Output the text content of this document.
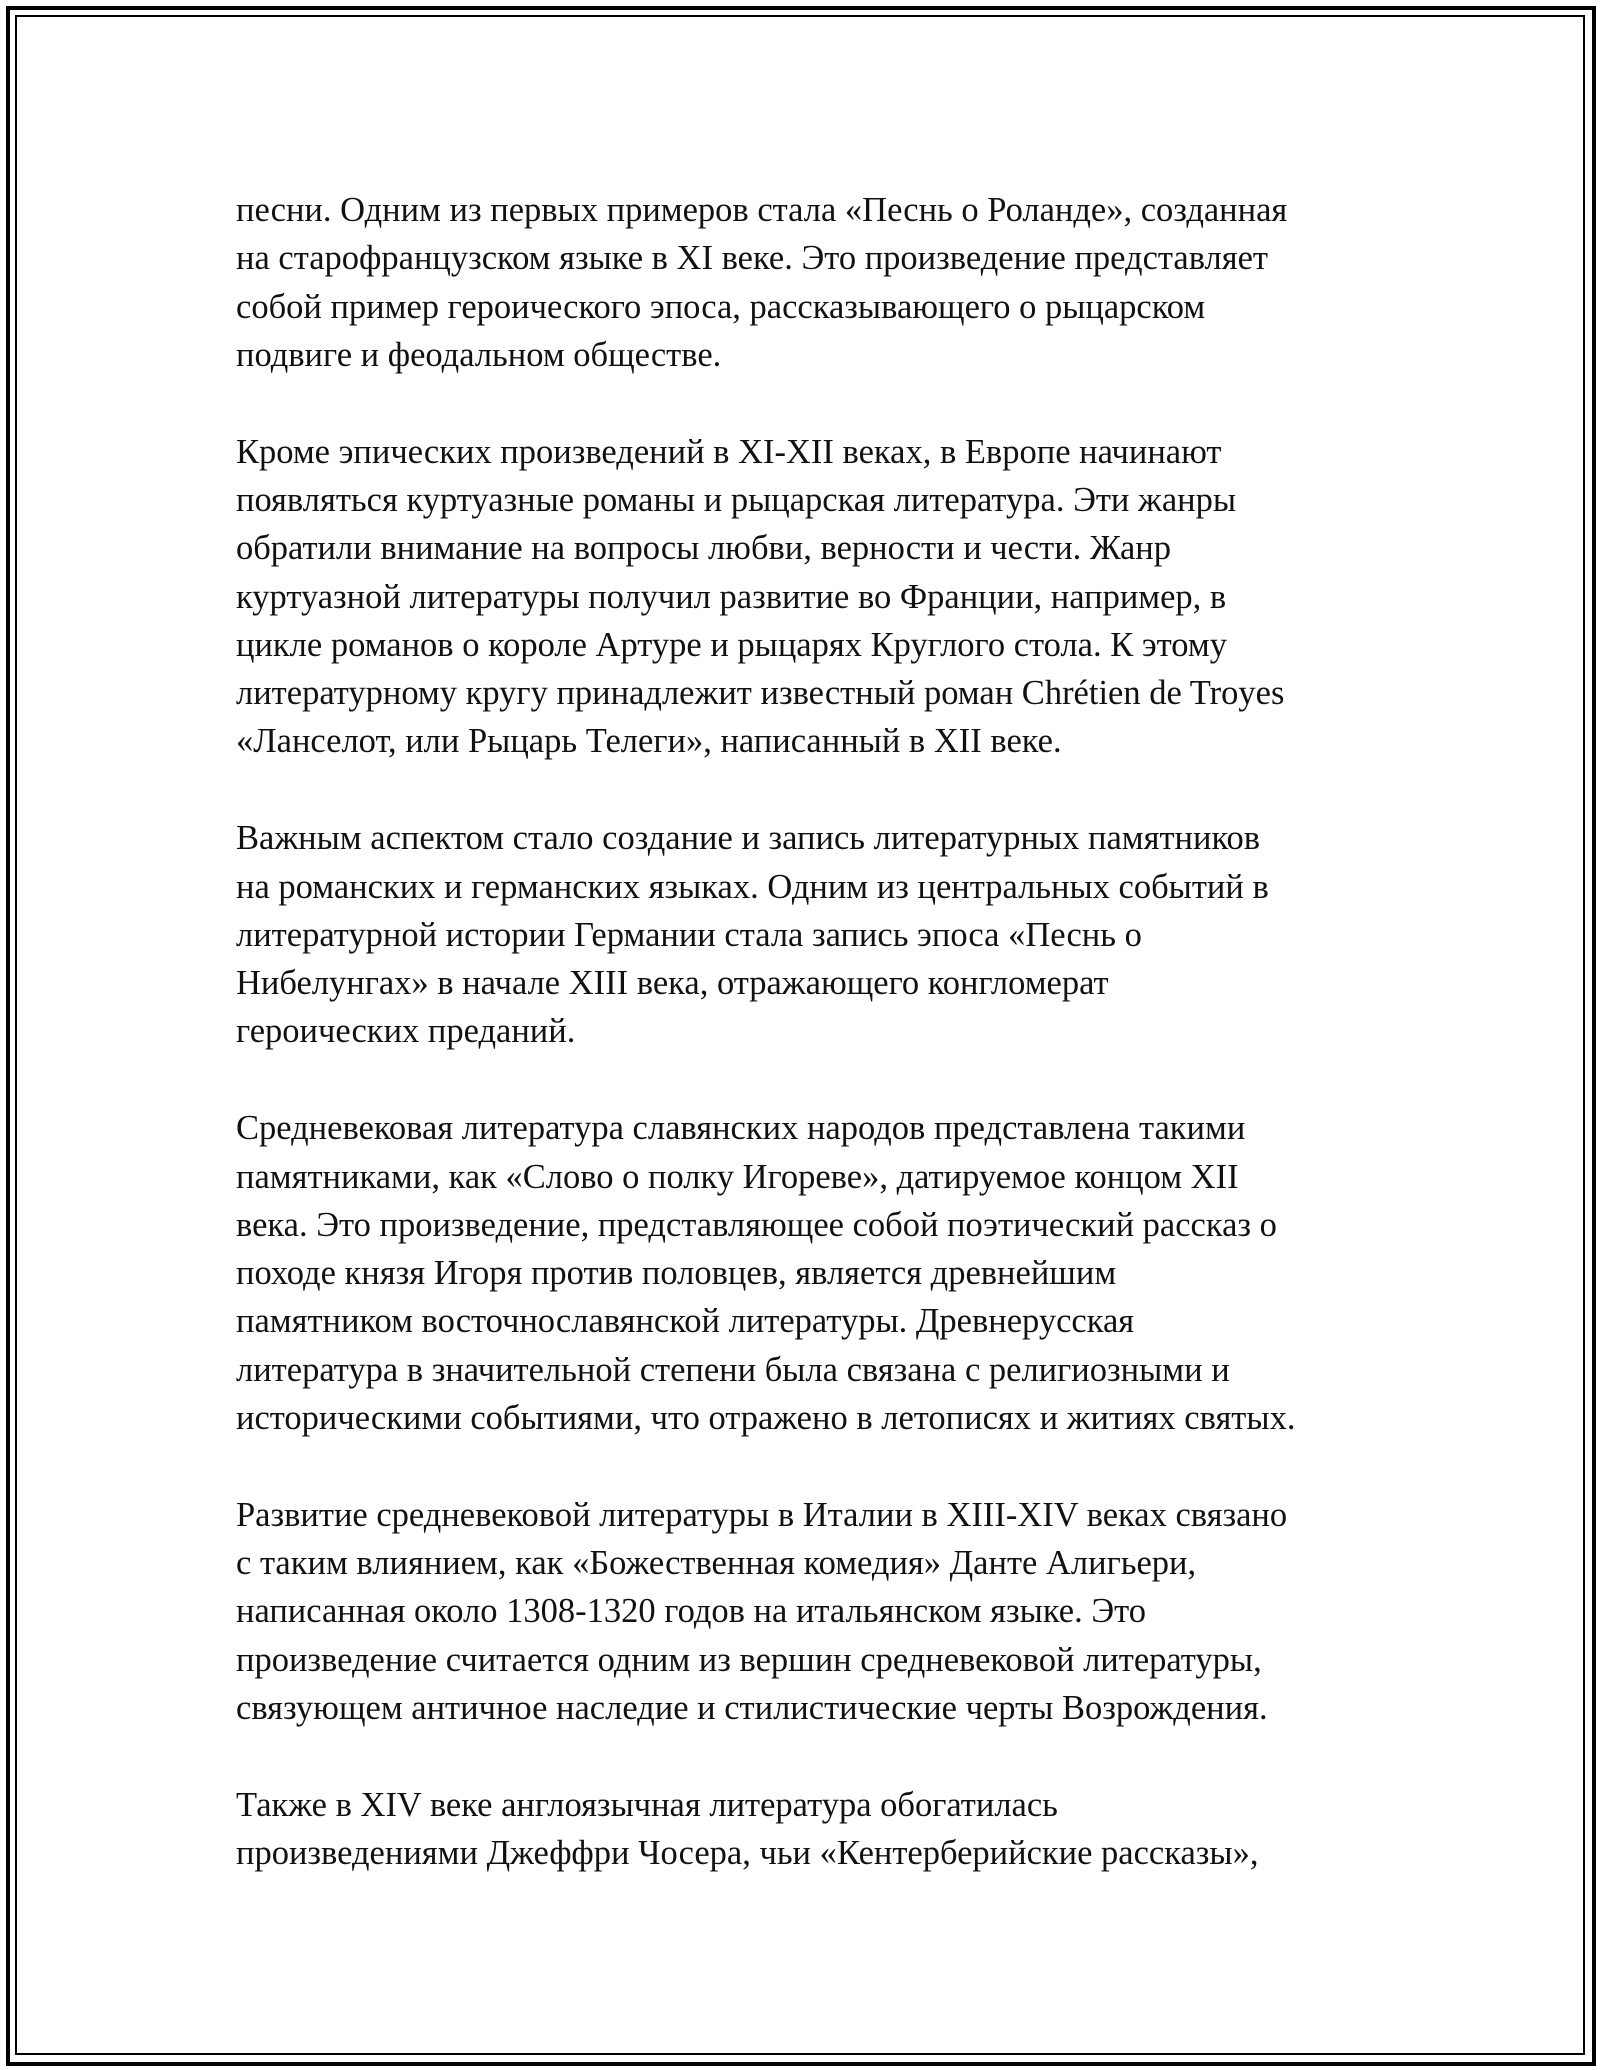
песни. Одним из первых примеров стала «Песнь о Роланде», созданная
на старофранцузском языке в XI веке. Это произведение представляет
собой пример героического эпоса, рассказывающего о рыцарском
подвиге и феодальном обществе.
Кроме эпических произведений в XI-XII веках, в Европе начинают
появляться куртуазные романы и рыцарская литература. Эти жанры
обратили внимание на вопросы любви, верности и чести. Жанр
куртуазной литературы получил развитие во Франции, например, в
цикле романов о короле Артуре и рыцарях Круглого стола. К этому
литературному кругу принадлежит известный роман Chrétien de Troyes
«Ланселот, или Рыцарь Телеги», написанный в XII веке.
Важным аспектом стало создание и запись литературных памятников
на романских и германских языках. Одним из центральных событий в
литературной истории Германии стала запись эпоса «Песнь о
Нибелунгах» в начале XIII века, отражающего конгломерат
героических преданий.
Средневековая литература славянских народов представлена такими
памятниками, как «Слово о полку Игореве», датируемое концом XII
века. Это произведение, представляющее собой поэтический рассказ о
походе князя Игоря против половцев, является древнейшим
памятником восточнославянской литературы. Древнерусская
литература в значительной степени была связана с религиозными и
историческими событиями, что отражено в летописях и житиях святых.
Развитие средневековой литературы в Италии в XIII-XIV веках связано
с таким влиянием, как «Божественная комедия» Данте Алигьери,
написанная около 1308-1320 годов на итальянском языке. Это
произведение считается одним из вершин средневековой литературы,
связующем античное наследие и стилистические черты Возрождения.
Также в XIV веке англоязычная литература обогатилась
произведениями Джеффри Чосера, чьи «Кентерберийские рассказы»,
